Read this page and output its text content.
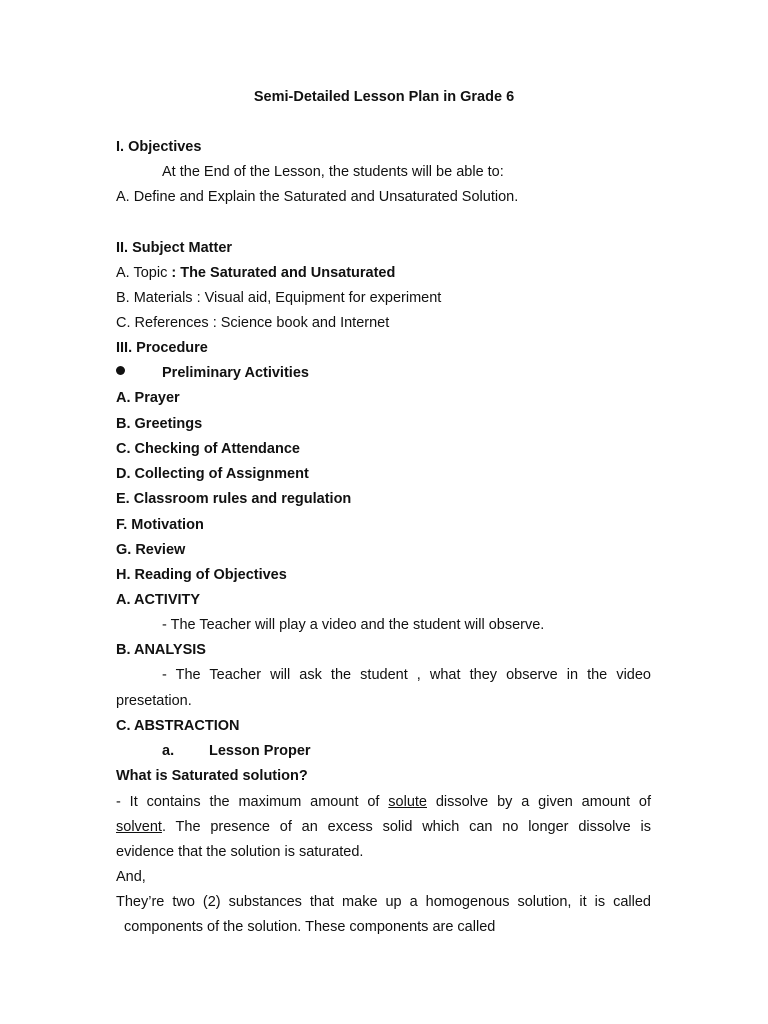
Semi-Detailed Lesson Plan in Grade 6
I. Objectives
At the End of the Lesson, the students will be able to:
A. Define and Explain the Saturated and Unsaturated Solution.
II. Subject Matter
A. Topic : The Saturated and Unsaturated
B. Materials : Visual aid, Equipment for experiment
C. References : Science book and Internet
III. Procedure
Preliminary Activities
A. Prayer
B. Greetings
C. Checking of Attendance
D. Collecting of Assignment
E. Classroom rules and regulation
F. Motivation
G. Review
H. Reading of Objectives
A. ACTIVITY
- The Teacher will play a video and the student will observe.
B. ANALYSIS
- The Teacher will ask the student , what they observe in the video
presetation.
C. ABSTRACTION
a. Lesson Proper
What is Saturated solution?
- It contains the maximum amount of solute dissolve by a given amount of
solvent. The presence of an excess solid which can no longer dissolve is
evidence that the solution is saturated.
And,
They’re two (2) substances that make up a homogenous solution, it is called
components of the solution. These components are called
